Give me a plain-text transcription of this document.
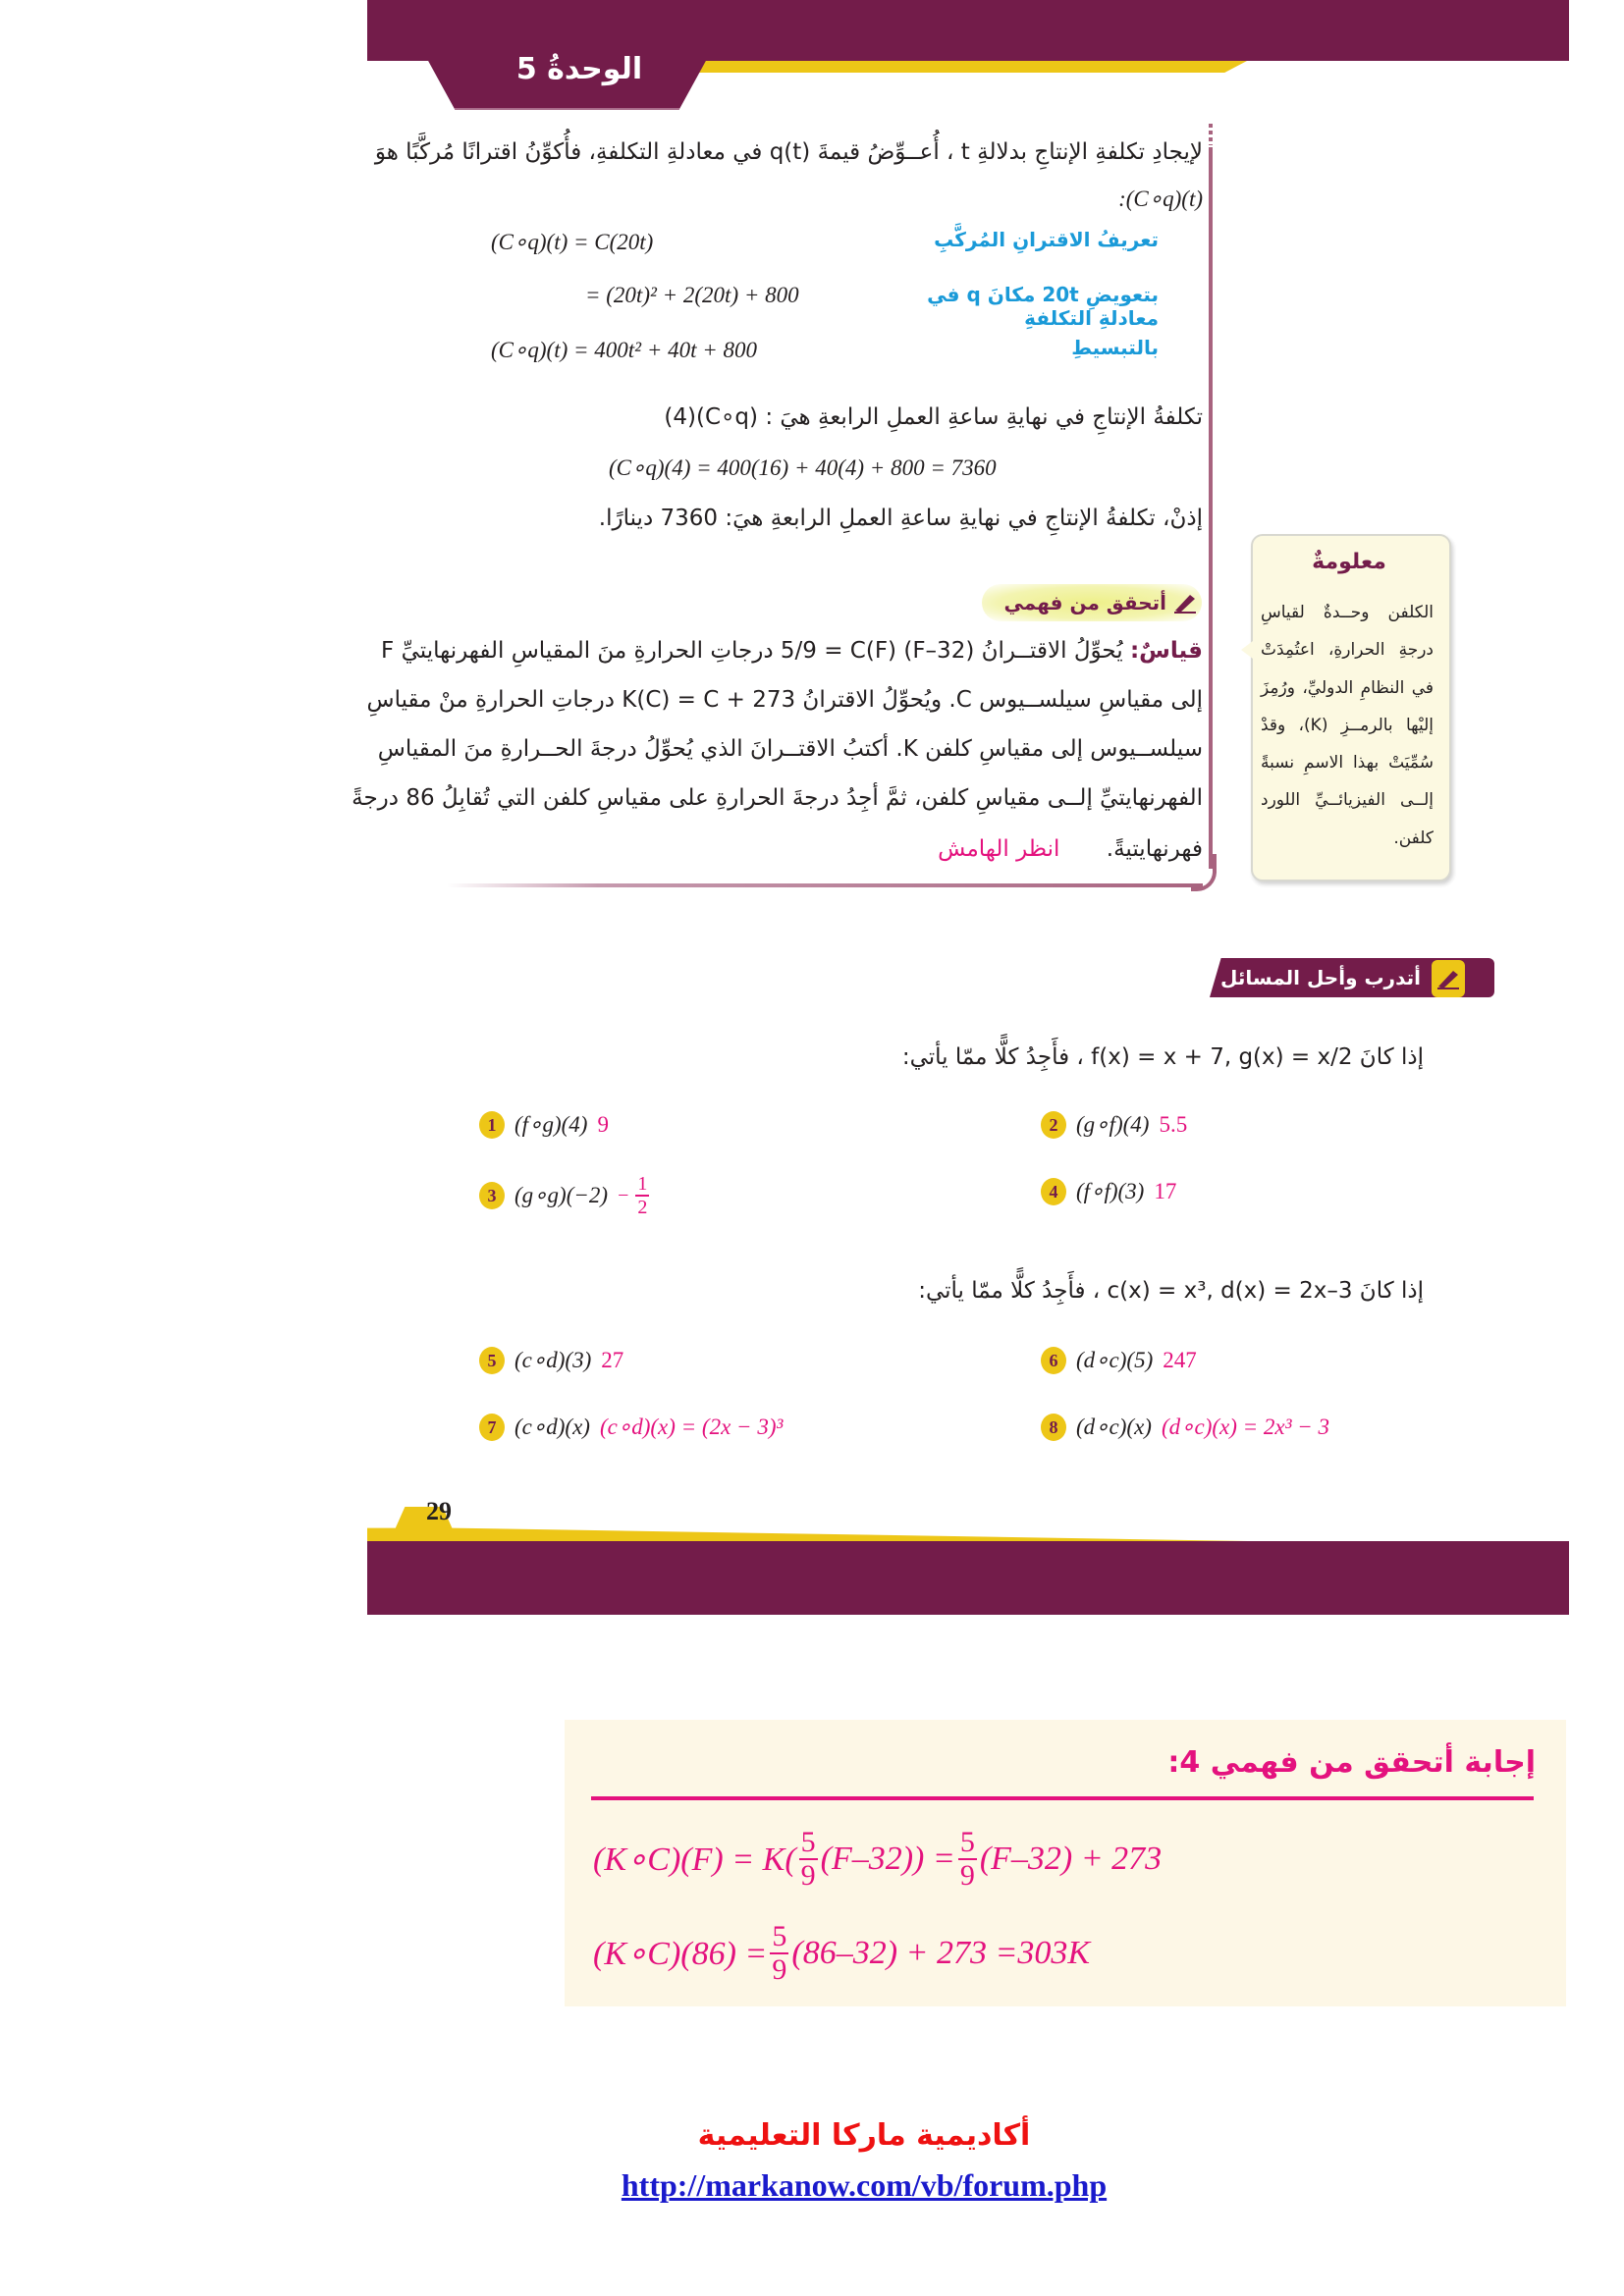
الوحدةُ 5
لإيجادِ تكلفةِ الإنتاجِ بدلالةِ t ، أُعــوِّضُ قيمةَ q(t) في معادلةِ التكلفةِ، فأُكوِّنُ اقترانًا مُركَّبًا هوَ
:(C∘q)(t)
(C∘q)(t) = C(20t)	تعريفُ الاقترانِ المُركَّبِ
= (20t)² + 2(20t) + 800	بتعويضِ 20t مكانَ q في معادلةِ التكلفةِ
(C∘q)(t) = 400t² + 40t + 800	بالتبسيطِ
تكلفةُ الإنتاجِ في نهايةِ ساعةِ العملِ الرابعةِ هيَ : (C∘q)(4)
(C∘q)(4) = 400(16) + 40(4) + 800 = 7360
إذنْ، تكلفةُ الإنتاجِ في نهايةِ ساعةِ العملِ الرابعةِ هيَ: 7360 دينارًا.
أتحقق من فهمي
قياسٌ: يُحوِّلُ الاقتــرانُ (F–32) 5/9 = C(F) درجاتِ الحرارةِ منَ المقياسِ الفهرنهايتيِّ F
إلى مقياسِ سيلســيوس C. ويُحوِّلُ الاقترانُ K(C) = C + 273 درجاتِ الحرارةِ منْ مقياسِ
سيلســيوس إلى مقياسِ كلفن K. أكتبُ الاقتــرانَ الذي يُحوِّلُ درجةَ الحــرارةِ منَ المقياسِ
الفهرنهايتيِّ إلــى مقياسِ كلفن، ثمَّ أجِدُ درجةَ الحرارةِ على مقياسِ كلفن التي تُقابِلُ 86 درجةً
فهرنهايتيةً. انظر الهامش
معلومةٌ
الكلفن وحــدةٌ لقياسِ
درجةِ الحرارةِ، اعتُمِدَتْ
في النظامِ الدوليِّ، ورُمِزَ
إليْها بالرمــزِ (K)، وقدْ
سُمِّيَتْ بهذا الاسمِ نسبةً
إلــى الفيزيائــيِّ اللورد
كلفن.
أتدرب وأحل المسائل
إذا كانَ f(x) = x + 7, g(x) = x/2 ، فأَجِدُ كلًّا ممّا يأتي:
1 (f∘g)(4) 9	2 (g∘f)(4) 5.5
3 (g∘g)(−2) − $\frac{1}{2}$	4 (f∘f)(3) 17
إذا كانَ c(x) = x³, d(x) = 2x–3 ، فأَجِدُ كلًّا ممّا يأتي:
5 (c∘d)(3) 27	6 (d∘c)(5) 247
7 (c∘d)(x) (c∘d)(x) = (2x − 3)³	8 (d∘c)(x) (d∘c)(x) = 2x³ − 3
29
إجابة أتحقق من فهمي 4:
(K∘C)(F) = $K( \frac{5}{9} (F-32)) = \frac{5}{9} (F-32) + 273$
(K∘C)(86) = $\frac{5}{9} (86-32) + 273 =303K$
أكاديمية ماركا التعليمية
http://markanow.com/vb/forum.php
